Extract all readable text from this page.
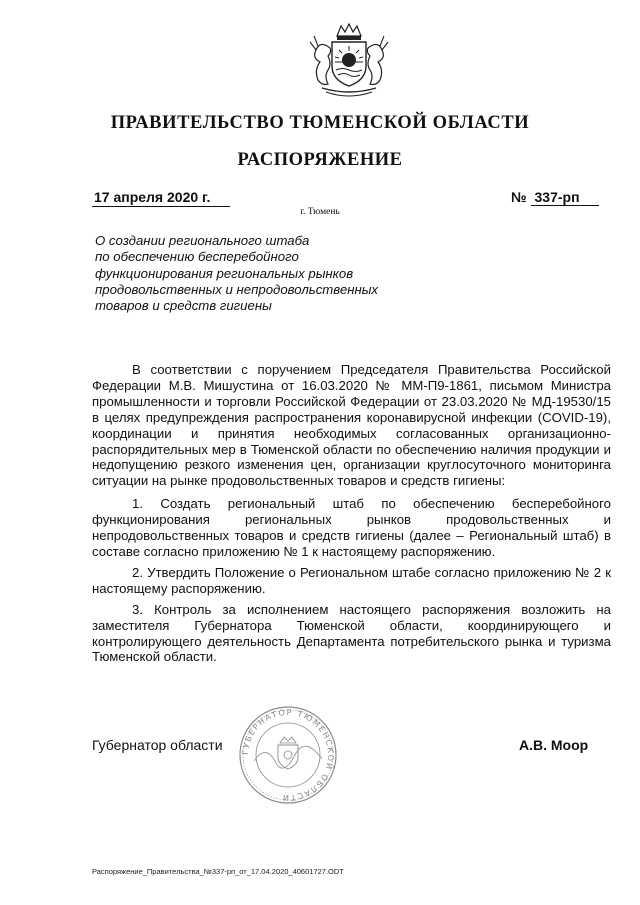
ПРАВИТЕЛЬСТВО ТЮМЕНСКОЙ ОБЛАСТИ
РАСПОРЯЖЕНИЕ
17 апреля 2020 г.	№ 337-рп
г. Тюмень
О создании регионального штаба
по обеспечению бесперебойного
функционирования региональных рынков
продовольственных и непродовольственных
товаров и средств гигиены

В соответствии с поручением Председателя Правительства Российской Федерации М.В. Мишустина от 16.03.2020 № ММ-П9-1861, письмом Министра промышленности и торговли Российской Федерации от 23.03.2020 № МД-19530/15 в целях предупреждения распространения коронавирусной инфекции (COVID-19), координации и принятия необходимых согласованных организационно-распорядительных мер в Тюменской области по обеспечению наличия продукции и недопущению резкого изменения цен, организации круглосуточного мониторинга ситуации на рынке продовольственных товаров и средств гигиены:

1. Создать региональный штаб по обеспечению бесперебойного функционирования региональных рынков продовольственных и непродовольственных товаров и средств гигиены (далее – Региональный штаб) в составе согласно приложению № 1 к настоящему распоряжению.

2. Утвердить Положение о Региональном штабе согласно приложению № 2 к настоящему распоряжению.

3. Контроль за исполнением настоящего распоряжения возложить на заместителя Губернатора Тюменской области, координирующего и контролирующего деятельность Департамента потребительского рынка и туризма Тюменской области.

ГУБЕРНАТОР ТЮМЕНСКОЙ ОБЛАСТИ
Губернатор области	А.В. Моор
Распоряжение_Правительства_№337-рп_от_17.04.2020_40601727.ODT
